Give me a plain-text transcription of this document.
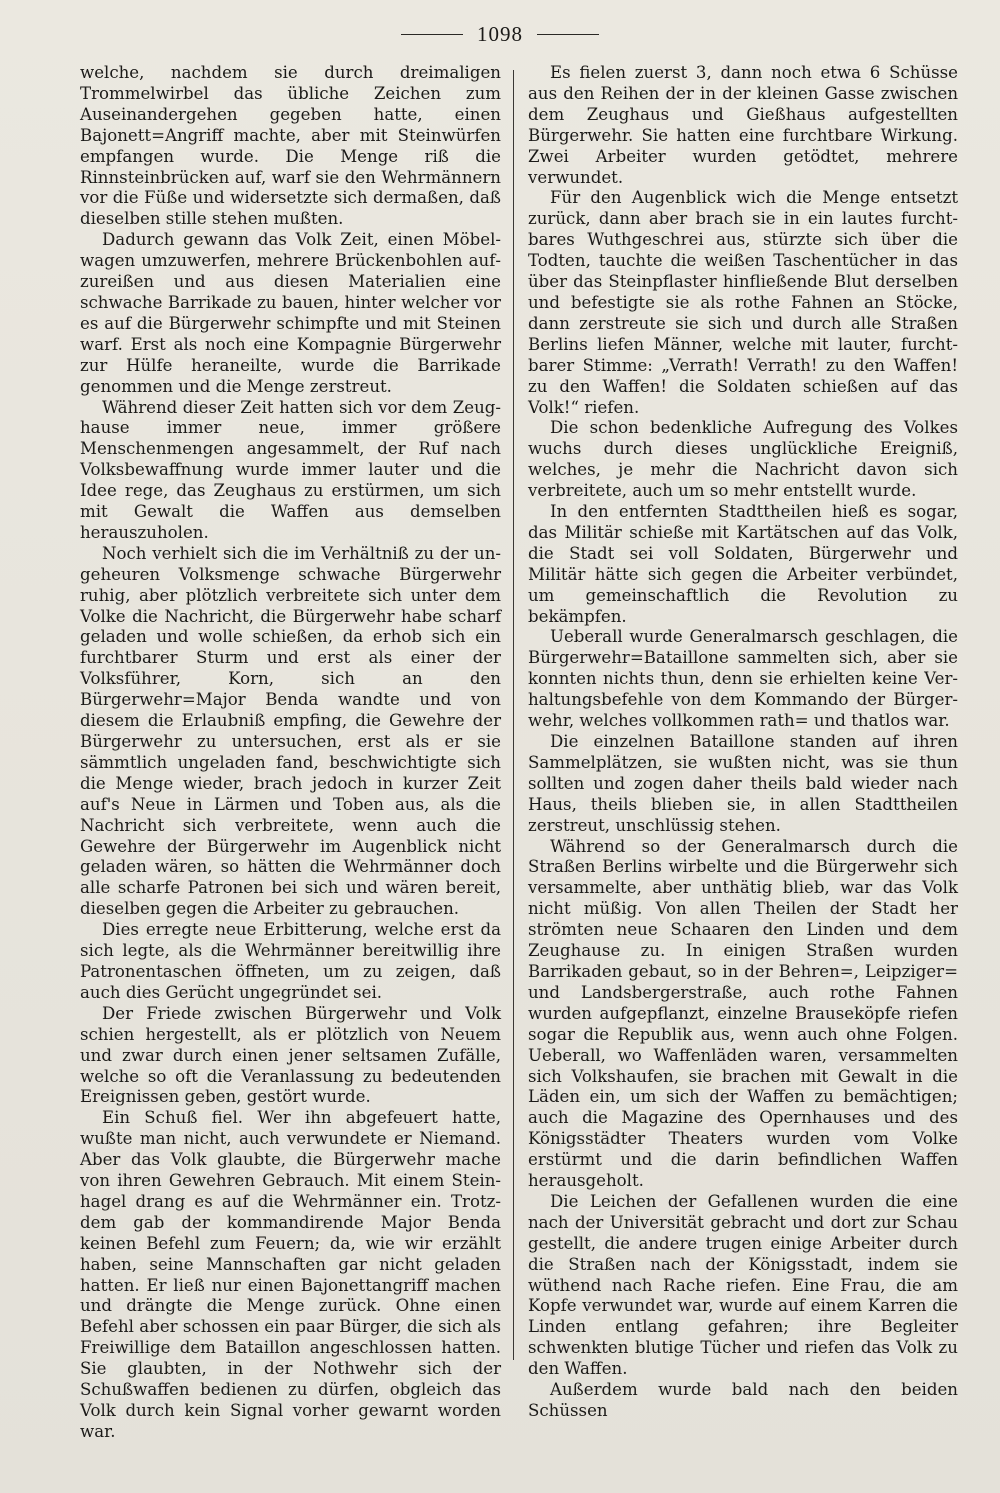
1098

welche, nachdem sie durch dreimaligen Trommelwirbel das übliche Zeichen zum Auseinandergehen gegeben hatte, einen Bajonett=Angriff machte, aber mit Steinwürfen empfangen wurde. Die Menge riß die Rinnsteinbrücken auf, warf sie den Wehrmännern vor die Füße und widersetzte sich dermaßen, daß dieselben stille stehen mußten.

Dadurch gewann das Volk Zeit, einen Möbelwagen umzuwerfen, mehrere Brückenbohlen aufzureißen und aus diesen Materialien eine schwache Barrikade zu bauen, hinter welcher vor es auf die Bürgerwehr schimpfte und mit Steinen warf. Erst als noch eine Kompagnie Bürgerwehr zur Hülfe heraneilte, wurde die Barrikade genommen und die Menge zerstreut.

Während dieser Zeit hatten sich vor dem Zeughause immer neue, immer größere Menschenmengen angesammelt, der Ruf nach Volksbewaffnung wurde immer lauter und die Idee rege, das Zeughaus zu erstürmen, um sich mit Gewalt die Waffen aus demselben herauszuholen.

Noch verhielt sich die im Verhältniß zu der ungeheuren Volksmenge schwache Bürgerwehr ruhig, aber plötzlich verbreitete sich unter dem Volke die Nachricht, die Bürgerwehr habe scharf geladen und wolle schießen, da erhob sich ein furchtbarer Sturm und erst als einer der Volksführer, Korn, sich an den Bürgerwehr=Major Benda wandte und von diesem die Erlaubniß empfing, die Gewehre der Bürgerwehr zu untersuchen, erst als er sie sämmtlich ungeladen fand, beschwichtigte sich die Menge wieder, brach jedoch in kurzer Zeit auf's Neue in Lärmen und Toben aus, als die Nachricht sich verbreitete, wenn auch die Gewehre der Bürgerwehr im Augenblick nicht geladen wären, so hätten die Wehrmänner doch alle scharfe Patronen bei sich und wären bereit, dieselben gegen die Arbeiter zu gebrauchen.

Dies erregte neue Erbitterung, welche erst da sich legte, als die Wehrmänner bereitwillig ihre Patronentaschen öffneten, um zu zeigen, daß auch dies Gerücht ungegründet sei.

Der Friede zwischen Bürgerwehr und Volk schien hergestellt, als er plötzlich von Neuem und zwar durch einen jener seltsamen Zufälle, welche so oft die Veranlassung zu bedeutenden Ereignissen geben, gestört wurde.

Ein Schuß fiel. Wer ihn abgefeuert hatte, wußte man nicht, auch verwundete er Niemand. Aber das Volk glaubte, die Bürgerwehr mache von ihren Gewehren Gebrauch. Mit einem Steinhagel drang es auf die Wehrmänner ein. Trotzdem gab der kommandirende Major Benda keinen Befehl zum Feuern; da, wie wir erzählt haben, seine Mannschaften gar nicht geladen hatten. Er ließ nur einen Bajonettangriff machen und drängte die Menge zurück. Ohne einen Befehl aber schossen ein paar Bürger, die sich als Freiwillige dem Bataillon angeschlossen hatten. Sie glaubten, in der Nothwehr sich der Schußwaffen bedienen zu dürfen, obgleich das Volk durch kein Signal vorher gewarnt worden war.

Es fielen zuerst 3, dann noch etwa 6 Schüsse aus den Reihen der in der kleinen Gasse zwischen dem Zeughaus und Gießhaus aufgestellten Bürgerwehr. Sie hatten eine furchtbare Wirkung. Zwei Arbeiter wurden getödtet, mehrere verwundet.

Für den Augenblick wich die Menge entsetzt zurück, dann aber brach sie in ein lautes furchtbares Wuthgeschrei aus, stürzte sich über die Todten, tauchte die weißen Taschentücher in das über das Steinpflaster hinfließende Blut derselben und befestigte sie als rothe Fahnen an Stöcke, dann zerstreute sie sich und durch alle Straßen Berlins liefen Männer, welche mit lauter, furchtbarer Stimme: „Verrath! Verrath! zu den Waffen! zu den Waffen! die Soldaten schießen auf das Volk!“ riefen.

Die schon bedenkliche Aufregung des Volkes wuchs durch dieses unglückliche Ereigniß, welches, je mehr die Nachricht davon sich verbreitete, auch um so mehr entstellt wurde.

In den entfernten Stadttheilen hieß es sogar, das Militär schieße mit Kartätschen auf das Volk, die Stadt sei voll Soldaten, Bürgerwehr und Militär hätte sich gegen die Arbeiter verbündet, um gemeinschaftlich die Revolution zu bekämpfen.

Ueberall wurde Generalmarsch geschlagen, die Bürgerwehr=Bataillone sammelten sich, aber sie konnten nichts thun, denn sie erhielten keine Verhaltungsbefehle von dem Kommando der Bürgerwehr, welches vollkommen rath= und thatlos war.

Die einzelnen Bataillone standen auf ihren Sammelplätzen, sie wußten nicht, was sie thun sollten und zogen daher theils bald wieder nach Haus, theils blieben sie, in allen Stadttheilen zerstreut, unschlüssig stehen.

Während so der Generalmarsch durch die Straßen Berlins wirbelte und die Bürgerwehr sich versammelte, aber unthätig blieb, war das Volk nicht müßig. Von allen Theilen der Stadt her strömten neue Schaaren den Linden und dem Zeughause zu. In einigen Straßen wurden Barrikaden gebaut, so in der Behren=, Leipziger= und Landsbergerstraße, auch rothe Fahnen wurden aufgepflanzt, einzelne Brauseköpfe riefen sogar die Republik aus, wenn auch ohne Folgen. Ueberall, wo Waffenläden waren, versammelten sich Volkshaufen, sie brachen mit Gewalt in die Läden ein, um sich der Waffen zu bemächtigen; auch die Magazine des Opernhauses und des Königsstädter Theaters wurden vom Volke erstürmt und die darin befindlichen Waffen herausgeholt.

Die Leichen der Gefallenen wurden die eine nach der Universität gebracht und dort zur Schau gestellt, die andere trugen einige Arbeiter durch die Straßen nach der Königsstadt, indem sie wüthend nach Rache riefen. Eine Frau, die am Kopfe verwundet war, wurde auf einem Karren die Linden entlang gefahren; ihre Begleiter schwenkten blutige Tücher und riefen das Volk zu den Waffen.

Außerdem wurde bald nach den beiden Schüssen
